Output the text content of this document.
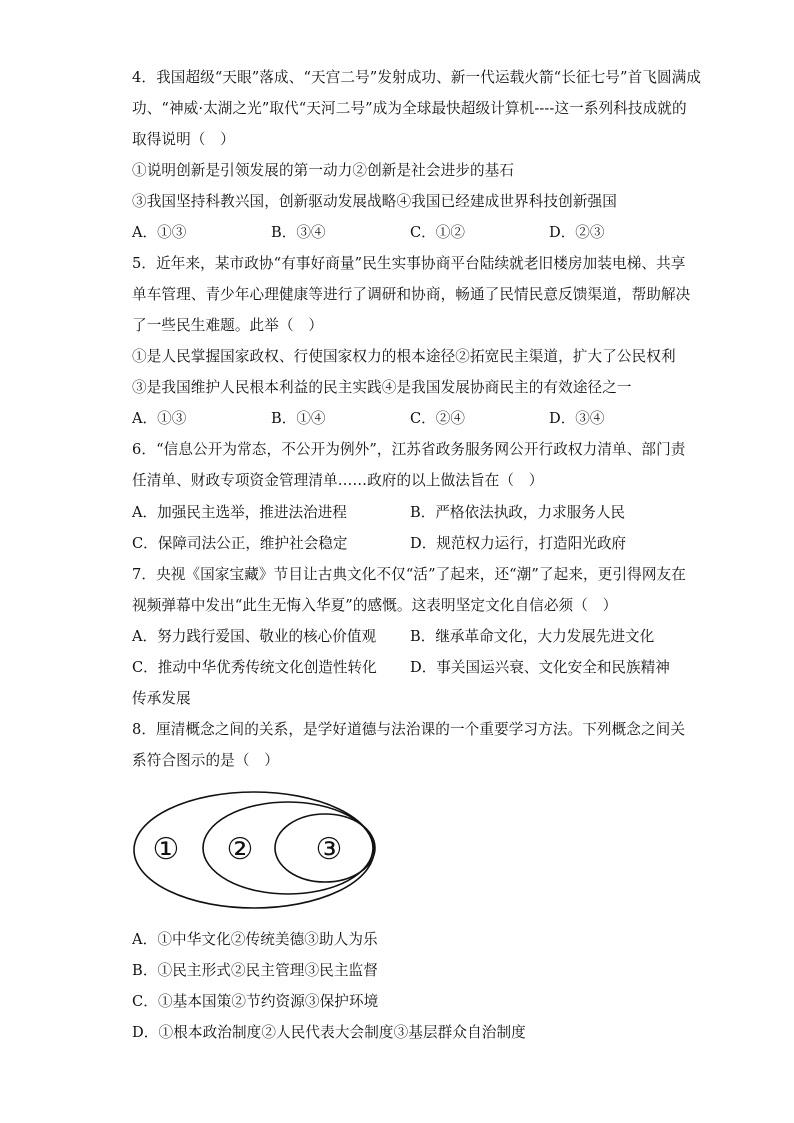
4．我国超级“天眼”落成、“天宫二号”发射成功、新一代运载火箭“长征七号”首飞圆满成
功、“神威·太湖之光”取代“天河二号”成为全球最快超级计算机----这一系列科技成就的
取得说明（　）
①说明创新是引领发展的第一动力②创新是社会进步的基石
③我国坚持科教兴国，创新驱动发展战略④我国已经建成世界科技创新强国
A．①③	B．③④	C．①②	D．②③
5．近年来，某市政协“有事好商量”民生实事协商平台陆续就老旧楼房加装电梯、共享
单车管理、青少年心理健康等进行了调研和协商，畅通了民情民意反馈渠道，帮助解决
了一些民生难题。此举（　）
①是人民掌握国家政权、行使国家权力的根本途径②拓宽民主渠道，扩大了公民权利
③是我国维护人民根本利益的民主实践④是我国发展协商民主的有效途径之一
A．①③	B．①④	C．②④	D．③④
6．“信息公开为常态，不公开为例外”，江苏省政务服务网公开行政权力清单、部门责
任清单、财政专项资金管理清单……政府的以上做法旨在（　）
A．加强民主选举，推进法治进程	B．严格依法执政，力求服务人民
C．保障司法公正，维护社会稳定	D．规范权力运行，打造阳光政府
7．央视《国家宝藏》节目让古典文化不仅“活”了起来，还“潮”了起来，更引得网友在
视频弹幕中发出“此生无悔入华夏”的感慨。这表明坚定文化自信必须（　）
A．努力践行爱国、敬业的核心价值观 B．继承革命文化，大力发展先进文化
C．推动中华优秀传统文化创造性转化 D．事关国运兴衰、文化安全和民族精神
传承发展
8．厘清概念之间的关系，是学好道德与法治课的一个重要学习方法。下列概念之间关
系符合图示的是（　）
① ② ③
A．①中华文化②传统美德③助人为乐
B．①民主形式②民主管理③民主监督
C．①基本国策②节约资源③保护环境
D．①根本政治制度②人民代表大会制度③基层群众自治制度
